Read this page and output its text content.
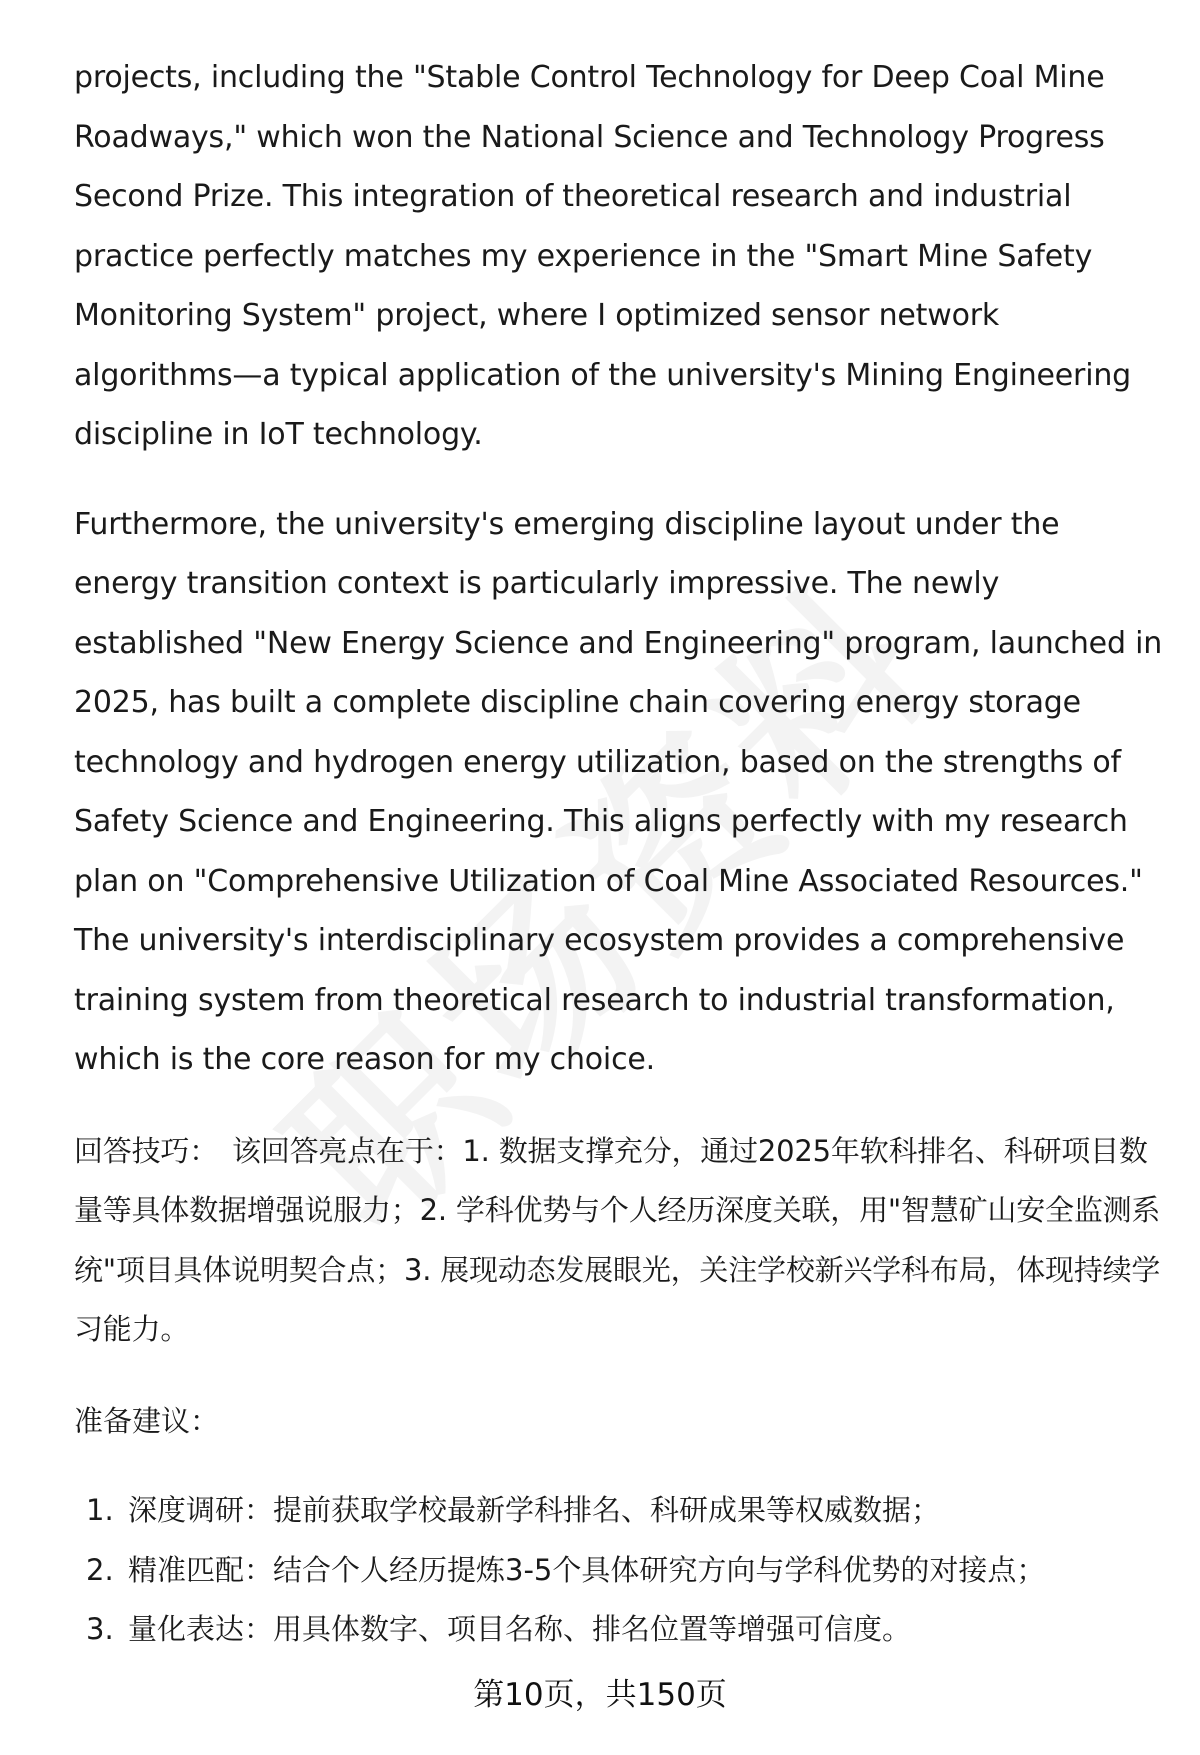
projects, including the "Stable Control Technology for Deep Coal Mine Roadways," which won the National Science and Technology Progress Second Prize. This integration of theoretical research and industrial practice perfectly matches my experience in the "Smart Mine Safety Monitoring System" project, where I optimized sensor network algorithms—a typical application of the university's Mining Engineering discipline in IoT technology.

Furthermore, the university's emerging discipline layout under the energy transition context is particularly impressive. The newly established "New Energy Science and Engineering" program, launched in 2025, has built a complete discipline chain covering energy storage technology and hydrogen energy utilization, based on the strengths of Safety Science and Engineering. This aligns perfectly with my research plan on "Comprehensive Utilization of Coal Mine Associated Resources." The university's interdisciplinary ecosystem provides a comprehensive training system from theoretical research to industrial transformation, which is the core reason for my choice.

回答技巧： 该回答亮点在于：1. 数据支撑充分，通过2025年软科排名、科研项目数量等具体数据增强说服力；2. 学科优势与个人经历深度关联，用"智慧矿山安全监测系统"项目具体说明契合点；3. 展现动态发展眼光，关注学校新兴学科布局，体现持续学习能力。

准备建议：

1. 深度调研：提前获取学校最新学科排名、科研成果等权威数据；
2. 精准匹配：结合个人经历提炼3-5个具体研究方向与学科优势的对接点；
3. 量化表达：用具体数字、项目名称、排名位置等增强可信度。
第10页，共150页
